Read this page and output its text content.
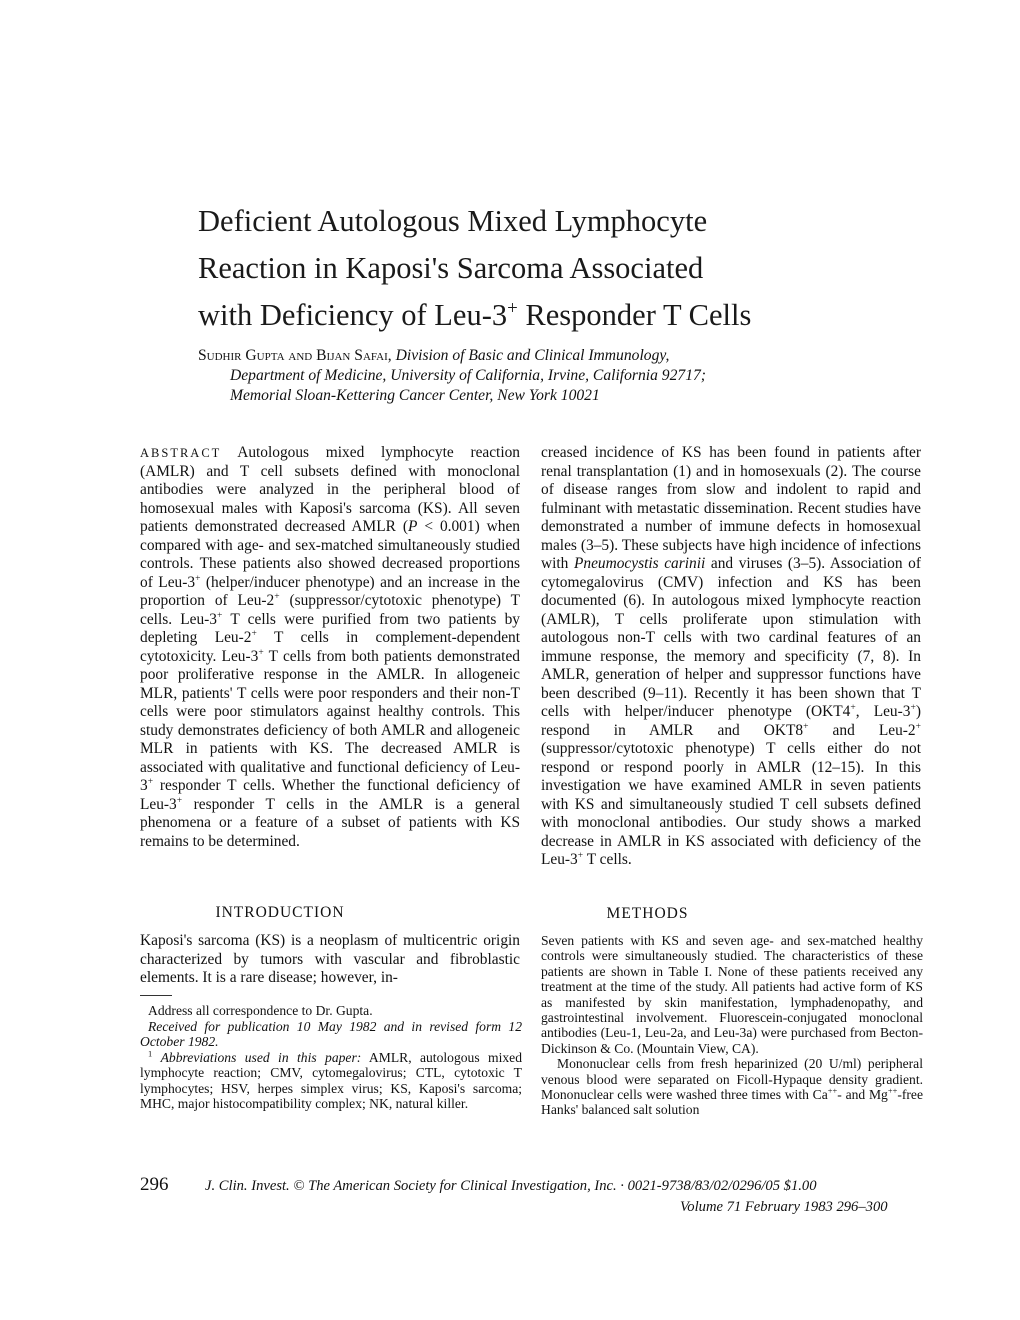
Deficient Autologous Mixed Lymphocyte
Reaction in Kaposi's Sarcoma Associated
with Deficiency of Leu-3+ Responder T Cells
Sudhir Gupta and Bijan Safai, Division of Basic and Clinical Immunology,
Department of Medicine, University of California, Irvine, California 92717;
Memorial Sloan-Kettering Cancer Center, New York 10021

ABSTRACT Autologous mixed lymphocyte reaction (AMLR) and T cell subsets defined with monoclonal antibodies were analyzed in the peripheral blood of homosexual males with Kaposi's sarcoma (KS). All seven patients demonstrated decreased AMLR (P < 0.001) when compared with age- and sex-matched simultaneously studied controls. These patients also showed decreased proportions of Leu-3+ (helper/inducer phenotype) and an increase in the proportion of Leu-2+ (suppressor/cytotoxic phenotype) T cells. Leu-3+ T cells were purified from two patients by depleting Leu-2+ T cells in complement-dependent cytotoxicity. Leu-3+ T cells from both patients demonstrated poor proliferative response in the AMLR. In allogeneic MLR, patients' T cells were poor responders and their non-T cells were poor stimulators against healthy controls. This study demonstrates deficiency of both AMLR and allogeneic MLR in patients with KS. The decreased AMLR is associated with qualitative and functional deficiency of Leu-3+ responder T cells. Whether the functional deficiency of Leu-3+ responder T cells in the AMLR is a general phenomena or a feature of a subset of patients with KS remains to be determined.

creased incidence of KS has been found in patients after renal transplantation (1) and in homosexuals (2). The course of disease ranges from slow and indolent to rapid and fulminant with metastatic dissemination. Recent studies have demonstrated a number of immune defects in homosexual males (3–5). These subjects have high incidence of infections with Pneumocystis carinii and viruses (3–5). Association of cytomegalovirus (CMV) infection and KS has been documented (6). In autologous mixed lymphocyte reaction (AMLR), T cells proliferate upon stimulation with autologous non-T cells with two cardinal features of an immune response, the memory and specificity (7, 8). In AMLR, generation of helper and suppressor functions have been described (9–11). Recently it has been shown that T cells with helper/inducer phenotype (OKT4+, Leu-3+) respond in AMLR and OKT8+ and Leu-2+ (suppressor/cytotoxic phenotype) T cells either do not respond or respond poorly in AMLR (12–15). In this investigation we have examined AMLR in seven patients with KS and simultaneously studied T cell subsets defined with monoclonal antibodies. Our study shows a marked decrease in AMLR in KS associated with deficiency of the Leu-3+ T cells.

INTRODUCTION
Kaposi's sarcoma (KS) is a neoplasm of multicentric origin characterized by tumors with vascular and fibroblastic elements. It is a rare disease; however, in-

Address all correspondence to Dr. Gupta.

Received for publication 10 May 1982 and in revised form 12 October 1982.

$^1$ Abbreviations used in this paper: AMLR, autologous mixed lymphocyte reaction; CMV, cytomegalovirus; CTL, cytotoxic T lymphocytes; HSV, herpes simplex virus; KS, Kaposi's sarcoma; MHC, major histocompatibility complex; NK, natural killer.

METHODS

Seven patients with KS and seven age- and sex-matched healthy controls were simultaneously studied. The characteristics of these patients are shown in Table I. None of these patients received any treatment at the time of the study. All patients had active form of KS as manifested by skin manifestation, lymphadenopathy, and gastrointestinal involvement. Fluorescein-conjugated monoclonal antibodies (Leu-1, Leu-2a, and Leu-3a) were purchased from Becton-Dickinson & Co. (Mountain View, CA).

Mononuclear cells from fresh heparinized (20 U/ml) peripheral venous blood were separated on Ficoll-Hypaque density gradient. Mononuclear cells were washed three times with Ca++- and Mg++-free Hanks' balanced salt solution

296	J. Clin. Invest. © The American Society for Clinical Investigation, Inc. · 0021-9738/83/02/0296/05 $1.00
Volume 71 February 1983 296–300
